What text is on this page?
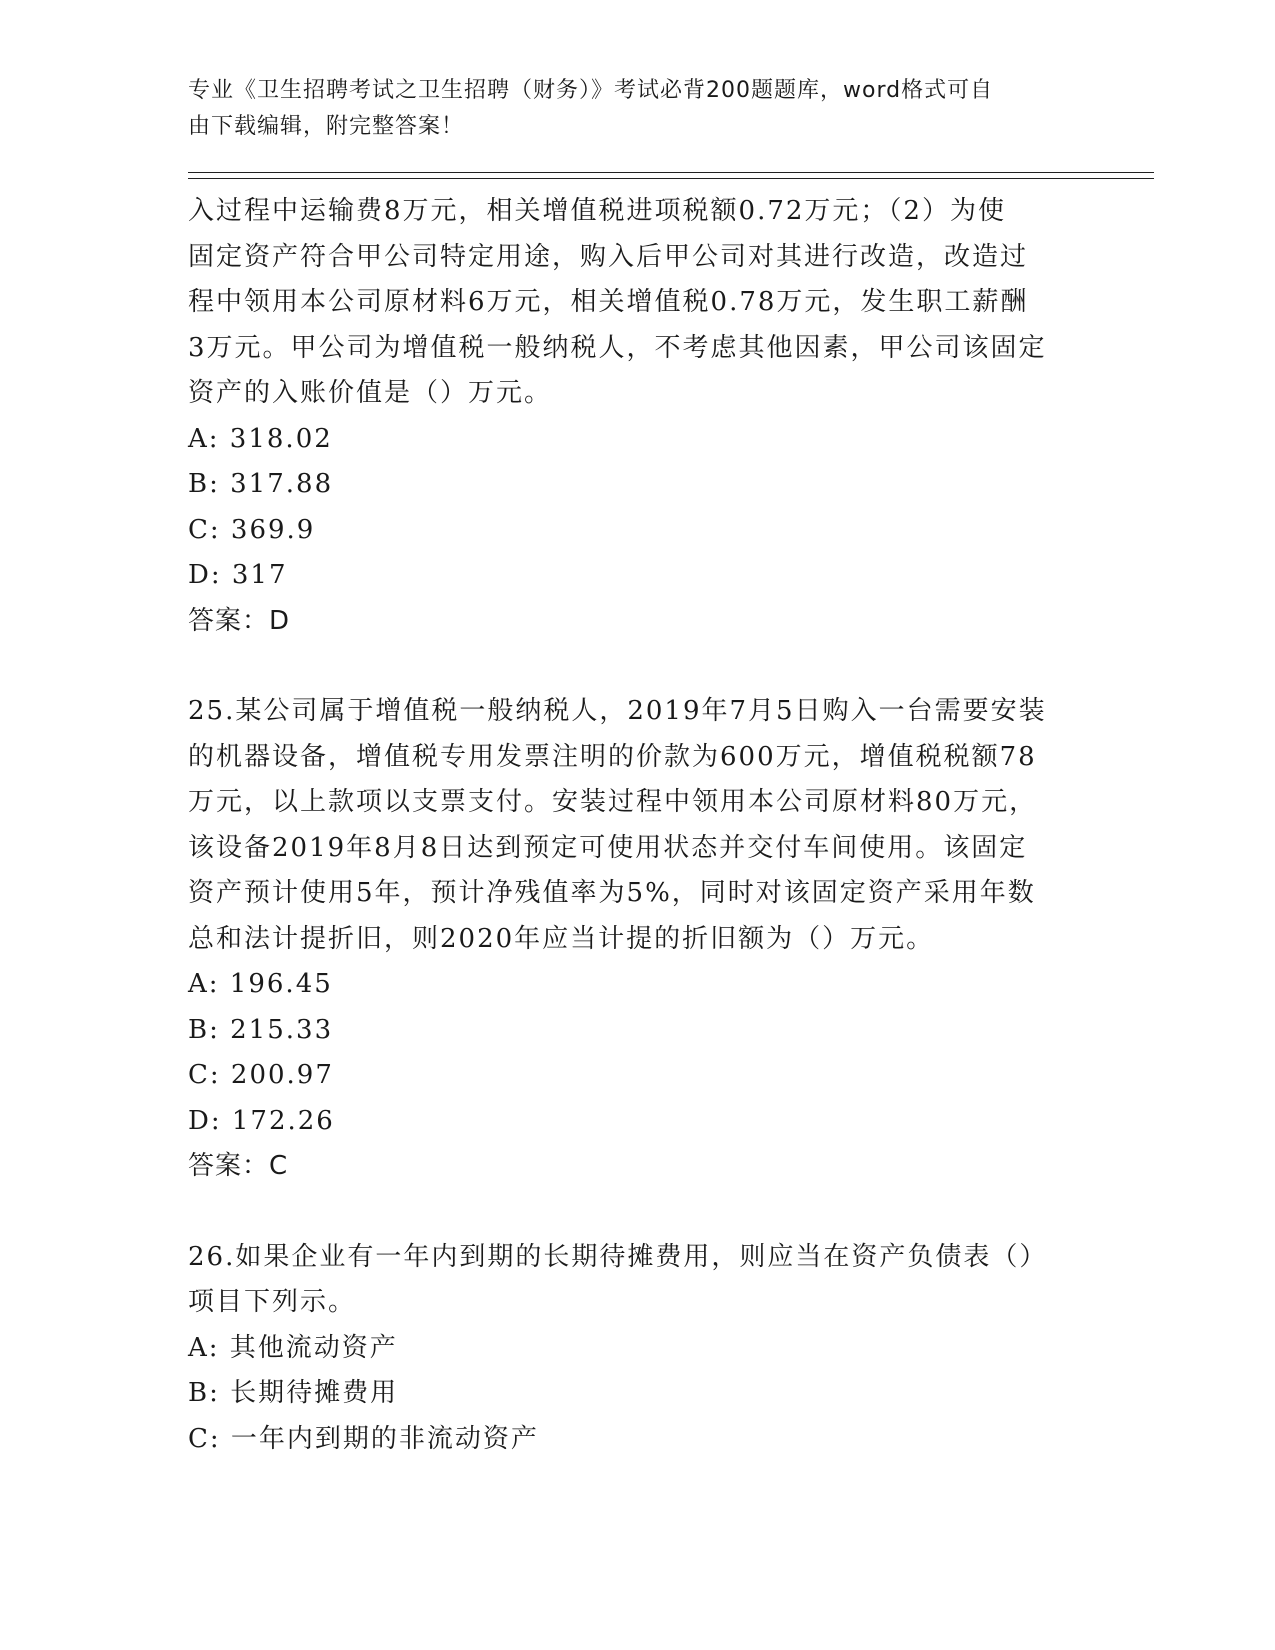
专业《卫生招聘考试之卫生招聘（财务）》考试必背200题题库，word格式可自
由下载编辑，附完整答案！

入过程中运输费8万元，相关增值税进项税额0.72万元；（2）为使

固定资产符合甲公司特定用途，购入后甲公司对其进行改造，改造过

程中领用本公司原材料6万元，相关增值税0.78万元，发生职工薪酬

3万元。甲公司为增值税一般纳税人，不考虑其他因素，甲公司该固定

资产的入账价值是（）万元。

A: 318.02

B: 317.88

C: 369.9

D: 317

答案：D

25.某公司属于增值税一般纳税人，2019年7月5日购入一台需要安装

的机器设备，增值税专用发票注明的价款为600万元，增值税税额78

万元，以上款项以支票支付。安装过程中领用本公司原材料80万元，

该设备2019年8月8日达到预定可使用状态并交付车间使用。该固定

资产预计使用5年，预计净残值率为5%，同时对该固定资产采用年数

总和法计提折旧，则2020年应当计提的折旧额为（）万元。

A: 196.45

B: 215.33

C: 200.97

D: 172.26

答案：C

26.如果企业有一年内到期的长期待摊费用，则应当在资产负债表（）

项目下列示。

A: 其他流动资产

B: 长期待摊费用

C: 一年内到期的非流动资产
